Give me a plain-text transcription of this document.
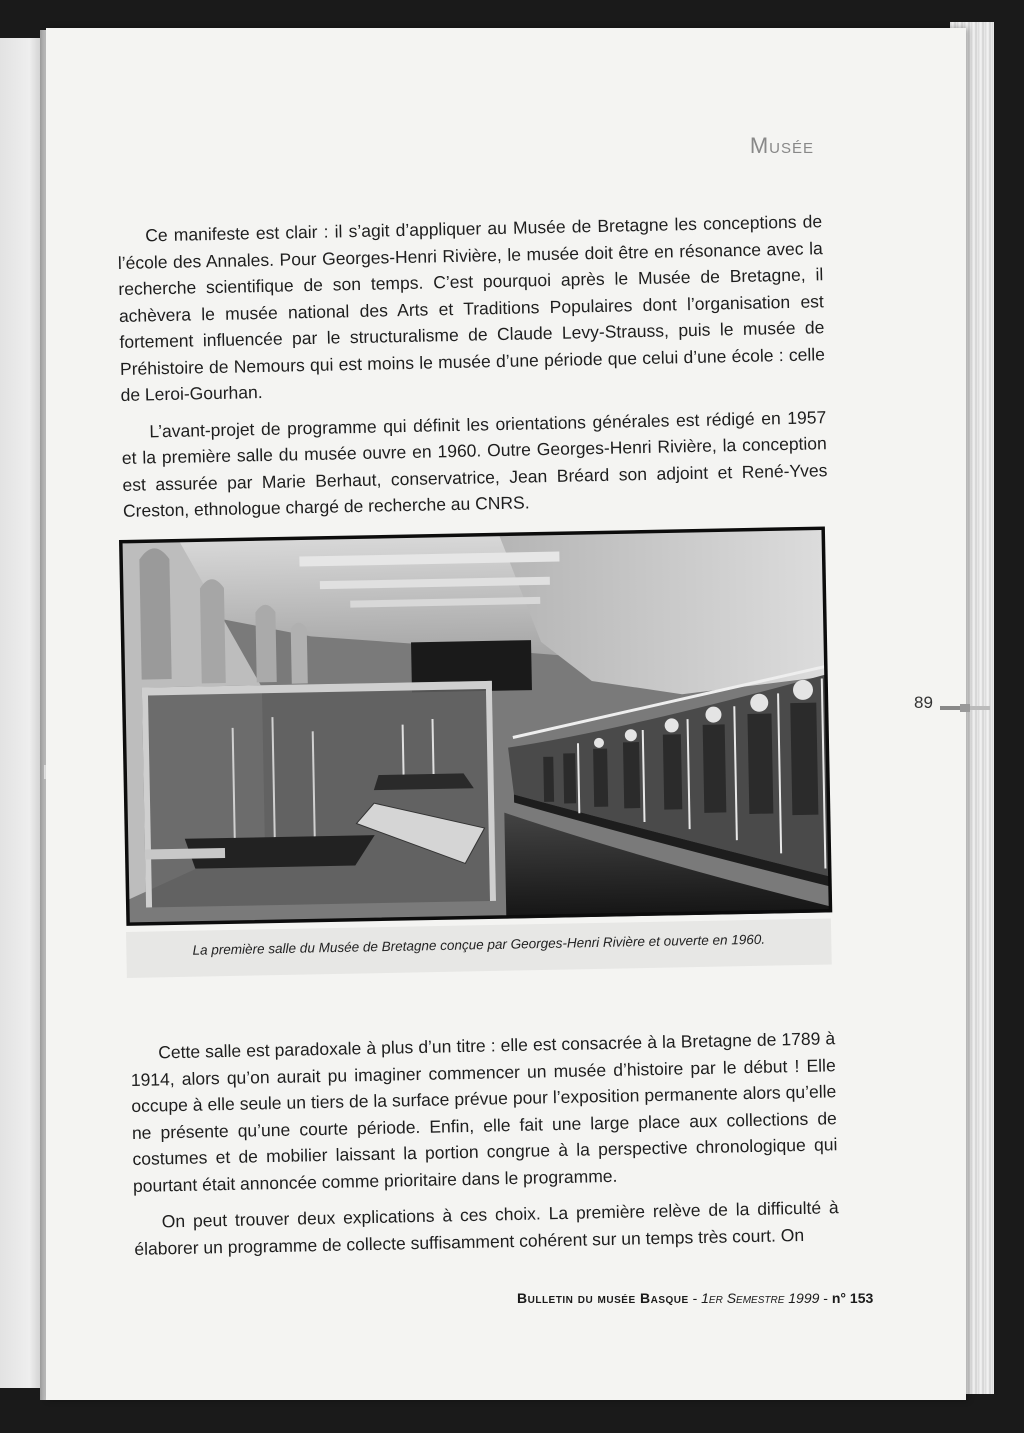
Musée

Ce manifeste est clair : il s’agit d’appliquer au Musée de Bretagne les conceptions de l’école des Annales. Pour Georges-Henri Rivière, le musée doit être en résonance avec la recherche scientifique de son temps. C’est pourquoi après le Musée de Bretagne, il achèvera le musée national des Arts et Traditions Populaires dont l’organisation est fortement influencée par le structuralisme de Claude Levy-Strauss, puis le musée de Préhistoire de Nemours qui est moins le musée d’une période que celui d’une école : celle de Leroi-Gourhan.

L’avant-projet de programme qui définit les orientations générales est rédigé en 1957 et la première salle du musée ouvre en 1960. Outre Georges-Henri Rivière, la conception est assurée par Marie Berhaut, conservatrice, Jean Bréard son adjoint et René-Yves Creston, ethnologue chargé de recherche au CNRS.

La première salle du Musée de Bretagne conçue par Georges-Henri Rivière et ouverte en 1960.

Cette salle est paradoxale à plus d’un titre : elle est consacrée à la Bretagne de 1789 à 1914, alors qu’on aurait pu imaginer commencer un musée d’histoire par le début ! Elle occupe à elle seule un tiers de la surface prévue pour l’exposition permanente alors qu’elle ne présente qu’une courte période. Enfin, elle fait une large place aux collections de costumes et de mobilier laissant la portion congrue à la perspective chronologique qui pourtant était annoncée comme prioritaire dans le programme.

On peut trouver deux explications à ces choix. La première relève de la difficulté à élaborer un programme de collecte suffisamment cohérent sur un temps très court. On

Bulletin du musée Basque - 1er Semestre 1999 - n° 153
89
